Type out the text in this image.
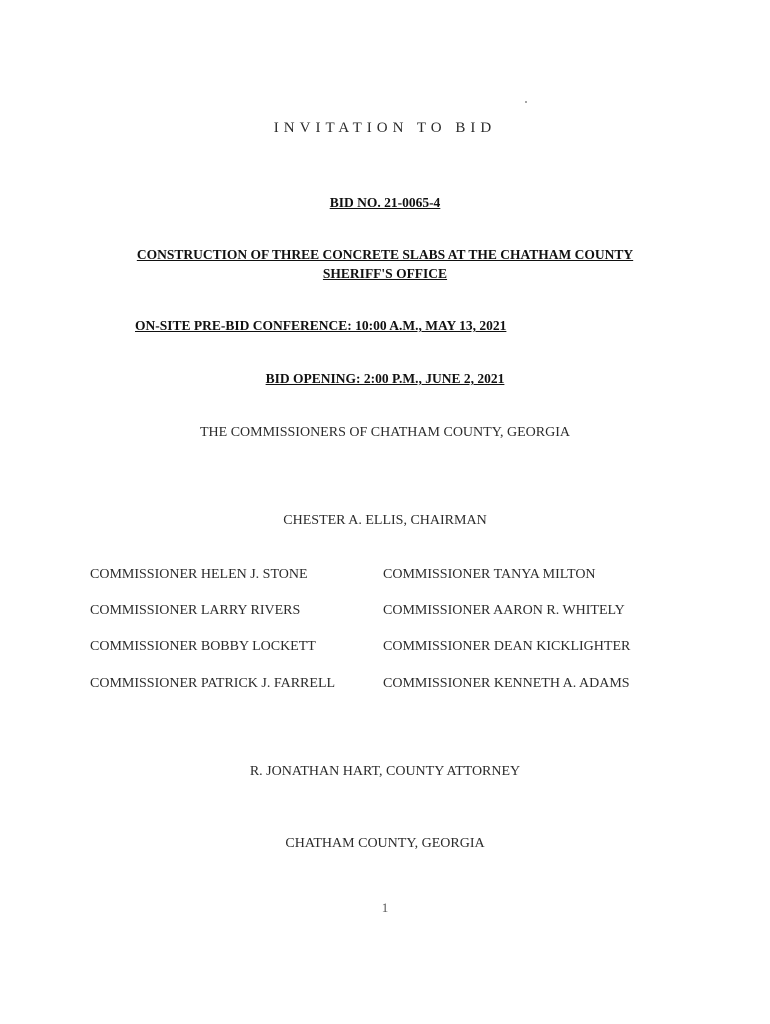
INVITATION TO BID
BID NO. 21-0065-4
CONSTRUCTION OF THREE CONCRETE SLABS AT THE CHATHAM COUNTY
SHERIFF'S OFFICE
ON-SITE PRE-BID CONFERENCE: 10:00 A.M., MAY 13, 2021
BID OPENING: 2:00 P.M., JUNE 2, 2021
THE COMMISSIONERS OF CHATHAM COUNTY, GEORGIA
CHESTER A. ELLIS, CHAIRMAN
COMMISSIONER HELEN J. STONE	COMMISSIONER TANYA MILTON
COMMISSIONER LARRY RIVERS	COMMISSIONER AARON R. WHITELY
COMMISSIONER BOBBY LOCKETT	COMMISSIONER DEAN KICKLIGHTER
COMMISSIONER PATRICK J. FARRELL	COMMISSIONER KENNETH A. ADAMS
R. JONATHAN HART, COUNTY ATTORNEY
CHATHAM COUNTY, GEORGIA
1
